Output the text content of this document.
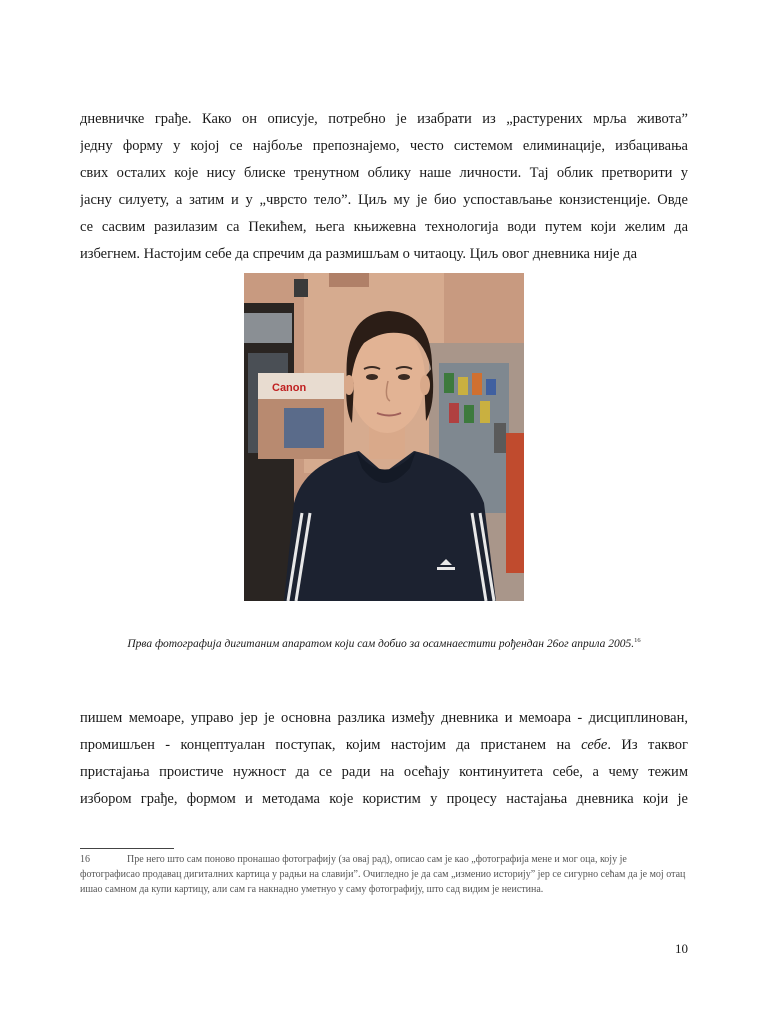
дневничке грађе. Како он описује, потребно је изабрати из „растурених мрља живота”
једну форму у којој се најбоље препознајемо, често системом елиминације, избацивања
свих осталих које нису блиске тренутном облику наше личности. Тај облик претворити у
јасну силуету, а затим и у „чврсто тело”. Циљ му је био успостављање конзистенције. Овде
се сасвим разилазим са Пекићем, њега књижевна технологија води путем који желим да
избегнем. Настојим себе да спречим да размишљам о читаоцу. Циљ овог дневника није да
Canon

Прва фотографија дигитаним апаратом који сам добио за осамнаестити рођендан 26ог априла 2005.16

пишем мемоаре, управо јер је основна разлика између дневника и мемоара - дисциплинован,
промишљен - концептуалан поступак, којим настојим да пристанем на себе. Из таквог
пристајања проистиче нужност да се ради на осећају континуитета себе, а чему тежим
избором грађе, формом и методама које користим у процесу настајања дневника који је

16	Пре него што сам поново пронашао фотографију (за овај рад), описао сам је као „фотографија мене и мог оца, коју је фотографисао продавац дигиталних картица у радњи на славији”. Очигледно је да сам „изменио историју” јер се сигурно сећам да је мој отац ишао самном да купи картицу, али сам га накнадно уметнуо у саму фотографију, што сад видим је неистина.

10
